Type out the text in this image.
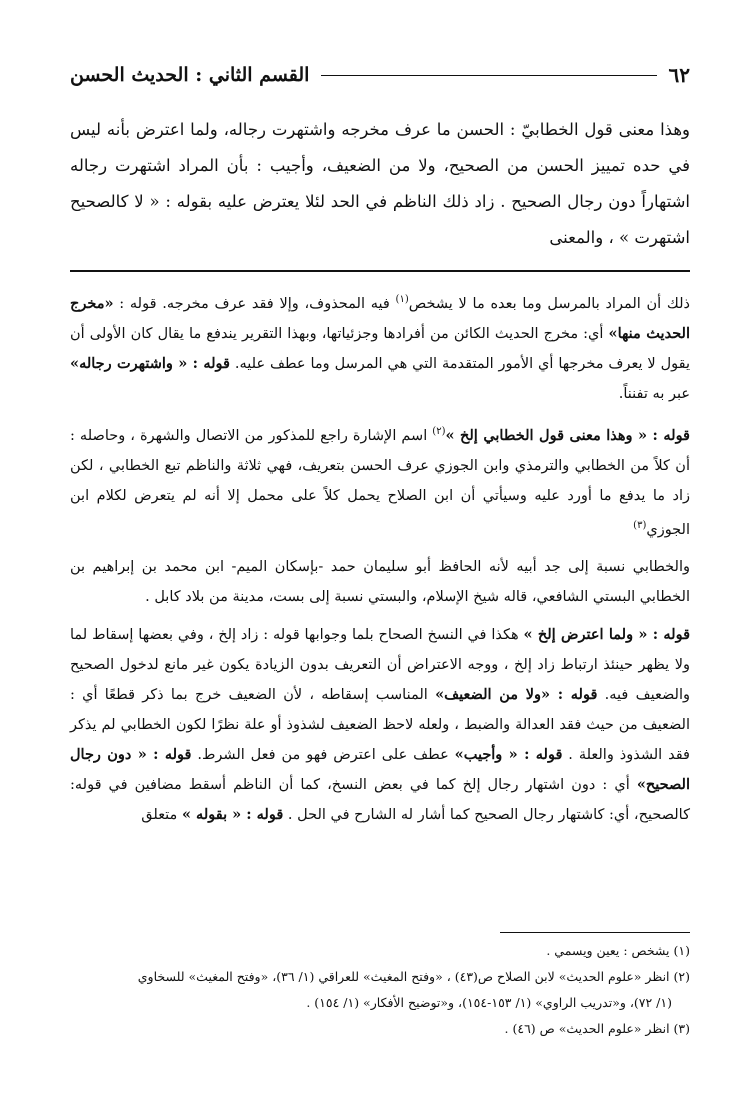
٦٢
القسم الثاني : الحديث الحسن

وهذا معنى قول الخطابيّ : الحسن ما عرف مخرجه واشتهرت رجاله، ولما اعترض بأنه ليس في حده تمييز الحسن من الصحيح، ولا من الضعيف، وأجيب : بأن المراد اشتهرت رجاله اشتهاراً دون رجال الصحيح . زاد ذلك الناظم في الحد لئلا يعترض عليه بقوله : « لا كالصحيح اشتهرت » ، والمعنى

ذلك أن المراد بالمرسل وما بعده ما لا يشخص$^{(١)}$ فيه المحذوف، وإلا فقد عرف مخرجه. قوله : «مخرج الحديث منها» أي: مخرج الحديث الكائن من أفرادها وجزئياتها، وبهذا التقرير يندفع ما يقال كان الأولى أن يقول لا يعرف مخرجها أي الأمور المتقدمة التي هي المرسل وما عطف عليه. قوله : « واشتهرت رجاله» عبر به تفنناً.

قوله : « وهذا معنى قول الخطابي إلخ »$^{(٢)}$ اسم الإشارة راجع للمذكور من الاتصال والشهرة ، وحاصله : أن كلاً من الخطابي والترمذي وابن الجوزي عرف الحسن بتعريف، فهي ثلاثة والناظم تبع الخطابي ، لكن زاد ما يدفع ما أورد عليه وسيأتي أن ابن الصلاح يحمل كلاً على محمل إلا أنه لم يتعرض لكلام ابن الجوزي$^{(٣)}$

والخطابي نسبة إلى جد أبيه لأنه الحافظ أبو سليمان حمد -بإسكان الميم- ابن محمد بن إبراهيم بن الخطابي البستي الشافعي، قاله شيخ الإسلام، والبستي نسبة إلى بست، مدينة من بلاد كابل .

قوله : « ولما اعترض إلخ » هكذا في النسخ الصحاح بلما وجوابها قوله : زاد إلخ ، وفي بعضها إسقاط لما ولا يظهر حينئذ ارتباط زاد إلخ ، ووجه الاعتراض أن التعريف بدون الزيادة يكون غير مانع لدخول الصحيح والضعيف فيه. قوله : «ولا من الضعيف» المناسب إسقاطه ، لأن الضعيف خرج بما ذكر قطعًا أي : الضعيف من حيث فقد العدالة والضبط ، ولعله لاحظ الضعيف لشذوذ أو علة نظرًا لكون الخطابي لم يذكر فقد الشذوذ والعلة . قوله : « وأجيب» عطف على اعترض فهو من فعل الشرط. قوله : « دون رجال الصحيح» أي : دون اشتهار رجال إلخ كما في بعض النسخ، كما أن الناظم أسقط مضافين في قوله: كالصحيح، أي: كاشتهار رجال الصحيح كما أشار له الشارح في الحل . قوله : « بقوله » متعلق

(١) يشخص : يعين ويسمي .
(٢) انظر «علوم الحديث» لابن الصلاح ص(٤٣) ، «وفتح المغيث» للعراقي (١/ ٣٦)، «وفتح المغيث» للسخاوي
(١/ ٧٢)، و«تدريب الراوي» (١/ ١٥٣-١٥٤)، و«توضيح الأفكار» (١/ ١٥٤) .
(٣) انظر «علوم الحديث» ص (٤٦) .
